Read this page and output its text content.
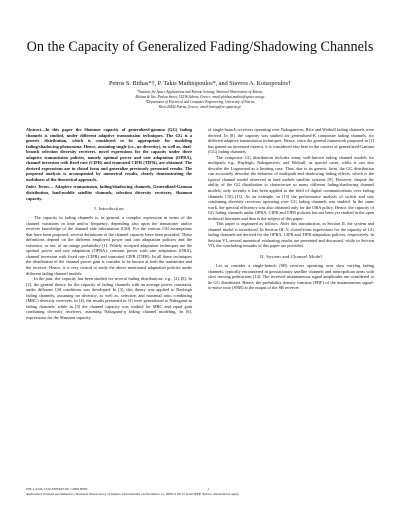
On the Capacity of Generalized Fading/Shadowing Channels
Petros S. Bithas*†, P. Takis Mathiopoulos*, and Stavros A. Kotsopoulos†
*Institute for Space Applications and Remote Sensing, National Observatory of Athens,
Metaxa & Vas. Pavlou Street, 15236 Athens, Greece, email:pbithas,mathio@space.noa.gr
†Department of Electrical and Computer Engineering, University of Patras,
Rion 26442 Patras, Greece, email:kotsop@ee.upatras.gr

Abstract—In this paper the Shannon capacity of generalized-gamma (GG) fading channels is studied, under different adaptive transmission techniques. The GG is a generic distribution, which is considered to be appropriate for modeling fading/shadowing phenomena. Hence, assuming single (i.e., no diversity), as well as, dual-branch selection diversity receivers, novel expressions for the capacity under three adaptive transmission policies, namely optimal power and rate adaptation (OPRA), channel inversion with fixed rate (CIFR) and truncated CIFR (TIFR), are obtained. The derived expressions are in closed form and generalize previously presented results. The proposed analysis is accompanied by numerical results, clearly demonstrating the usefulness of the theoretical approach.

Index Terms— Adaptive transmission, fading/shadowing channels, Generalized-Gamma distribution, land-mobile satellite channels, selection diversity receivers, Shannon capacity.

I. Introduction

The capacity in fading channels is, in general, a complex expression in terms of the channel variations in time and/or frequency, depending also upon the transmitter and/or receiver knowledge of the channel side information (CSI). For the various CSI assumptions that have been proposed, several definitions of the channel capacity have been provided. These definitions depend on the different employed power and rate adaptation policies and the existence, or not, of an outage probability [1]. Widely accepted adaptation techniques are the optimal power and rate adaptation (OPRA), constant power with rate adaptation (ORA), channel inversion with fixed rate (CIFR) and truncated CIFR (TIFR). In all these techniques the distribution of the channel power gain is consider to be known at both the transmitter and the receiver. Hence, it is very critical to study the above mentioned adaptation policies under different fading channel models.

In the past, the capacity has been studied for several fading distributions, e.g., [2]–[8]. In [2], the general theory for the capacity of fading channels with an average power constraint, under different CSI conditions was developed. In [3], this theory was applied to Rayleigh fading channels, assuming no diversity, as well as, selection and maximal ratio combining (MRC) diversity receivers. In [4], the results presented in [3] were generalized to Nakagami-m fading channels, while in [5] the channel capacity was studied for MRC and equal gain combining diversity receivers, assuming Nakagami-q fading channel modeling. In [6], expressions for the Shannon capacity

of single-branch receivers operating over Nakagami-m, Rice and Weibull fading channels were derived. In [8], the capacity was studied for generalized-K composite fading channels, for different adaptive transmission techniques. Hence, since the general framework proposed in [2] has gained an increased interest, it is considered also here in the context of generalized-Gamma (GG) fading channels.

The composite GG distribution includes many well-known fading channel models for multipath, e.g., Rayleigh, Nakagami-m, and Weibull, as special cases, while it can also describe the Lognormal as a limiting case. Thus, due to its generic form, the GG distribution can accurately describe the behavior of multipath and shadowing fading effects, which is the typical channel model observed in land mobile satellite systems [9]. However, despite the ability of the GG distribution to characterize so many different fading/shadowing channel models, only recently it has been applied to the field of digital communications over fading channels [10]–[13]. As an example, in [13] the performance analysis of switch and stay combining diversity receivers operating over GG fading channels was studied. In the same work, the spectral efficiency was also obtained only for the ORA policy. Hence, the capacity of GG fading channels under OPRA, CIFR and TIFR policies has not been yet studied in the open technical literature and thus is the subject of this paper.

This paper is organized as follows. After this introduction, in Section II, the system and channel model is introduced. In Section III–V, closed-form expressions for the capacity of GG fading channels are derived for the OPRA, CIFR and TIFR adaptation policies, respectively. In Section VI, several numerical evaluating results are presented and discussed, while in Section VII, the concluding remarks of this paper are provided.

II. System and Channel Model

Let us consider a single-branch (SB) receiver operating over slow varying fading channels, typically encountered in geostationary satellite channels and metropolitan areas with slow moving pedestrians [14]. The received instantaneous signal amplitudes are considered to be GG distributed. Hence, the probability density function (PDF) of the instantaneous signal-to-noise ratio (SNR) at the output of the SB receiver,

978-1-4244-1722-3/08/$25.00 ©2008 IEEE	1
Authorized licensed use limited to: National Observatory of Athens. Downloaded on December 11, 2008 at 09:12 from IEEE Xplore. Restrictions apply.
